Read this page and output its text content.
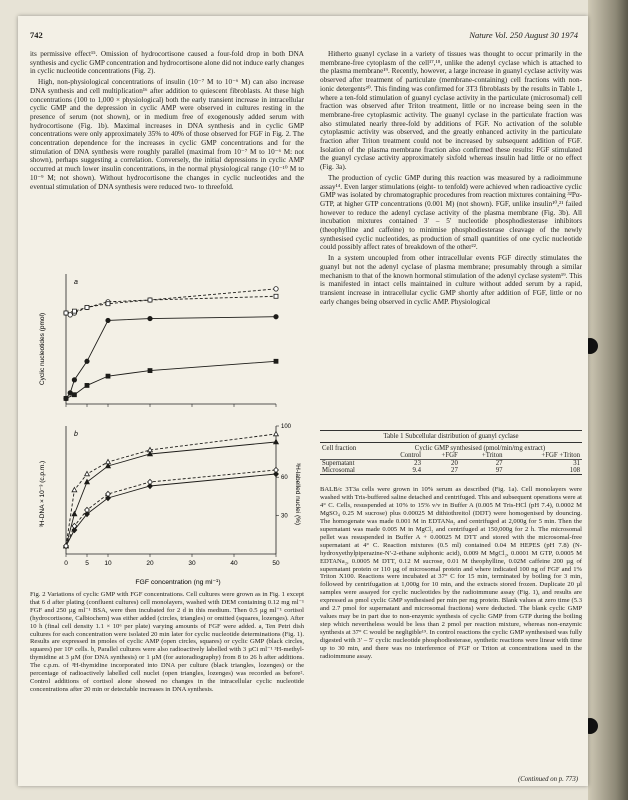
742	Nature Vol. 250 August 30 1974

its permissive effect¹⁵. Omission of hydrocortisone caused a four-fold drop in both DNA synthesis and cyclic GMP concentration and hydrocortisone alone did not induce early changes in cyclic nucleotide concentrations (Fig. 2).

High, non-physiological concentrations of insulin (10⁻⁷ M to 10⁻⁶ M) can also increase DNA synthesis and cell multiplication¹⁶ after addition to quiescent fibroblasts. At these high concentrations (100 to 1,000 × physiological) both the early transient increase in intracellular cyclic GMP and the depression in cyclic AMP were observed in cultures resting in the presence of serum (not shown), or in medium free of exogenously added serum with hydrocortisone (Fig. 1b). Maximal increases in DNA synthesis and in cyclic GMP concentrations were only approximately 35% to 40% of those observed for FGF in Fig. 2. The concentration dependence for the increases in cyclic GMP concentrations and for the stimulation of DNA synthesis were roughly parallel (maximal from 10⁻⁷ M to 10⁻⁶ M: not shown), perhaps suggesting a correlation. Conversely, the initial depressions in cyclic AMP occurred at much lower insulin concentrations, in the normal physiological range (10⁻¹⁰ M to 10⁻⁹ M; not shown). Without hydrocortisone the changes in cyclic nucleotides and the eventual stimulation of DNA synthesis were reduced two- to threefold.

0	5 10	20	30	40	50
30
60
100
a
b
Cyclic nucleotides (pmol)
³H-DNA × 10⁻³ (c.p.m.)	³H-labelled nuclei (%)
FGF concentration (ng ml⁻¹)

Fig. 2 Variations of cyclic GMP with FGF concentrations. Cell cultures were grown as in Fig. 1 except that 6 d after plating (confluent cultures) cell monolayers, washed with DEM containing 0.12 mg ml⁻¹ FGF and 250 µg ml⁻¹ BSA, were then incubated for 2 d in this medium. Then 0.5 µg ml⁻¹ cortisol (hydrocortisone, Calbiochem) was either added (circles, triangles) or omitted (squares, lozenges). After 10 h (final cell density 1.1 × 10⁶ per plate) varying amounts of FGF were added. a, Ten Petri dish cultures for each concentration were isolated 20 min later for cyclic nucleotide determinations (Fig. 1). Results are expressed in pmoles of cyclic AMP (open circles, squares) or cyclic GMP (black circles, squares) per 10⁶ cells. b, Parallel cultures were also radioactively labelled with 3 µCi ml⁻¹ ³H-methyl-thymidine at 3 µM (for DNA synthesis) or 1 µM (for autoradiography) from 8 to 26 h after additions. The c.p.m. of ³H-thymidine incorporated into DNA per culture (black triangles, lozenges) or the percentage of radioactively labelled cell nuclei (open triangles, lozenges) was recorded as before². Control additions of cortisol alone showed no changes in the intracellular cyclic nucleotide concentrations after 20 min or detectable increases in DNA synthesis.

Hitherto guanyl cyclase in a variety of tissues was thought to occur primarily in the membrane-free cytoplasm of the cell¹⁷,¹⁸, unlike the adenyl cyclase which is attached to the plasma membrane¹⁹. Recently, however, a large increase in guanyl cyclase activity was observed after treatment of particulate (membrane-containing) cell fractions with non-ionic detergents²⁰. This finding was confirmed for 3T3 fibroblasts by the results in Table 1, where a ten-fold stimulation of guanyl cyclase activity in the particulate (microsomal) cell fraction was observed after Triton treatment, little or no increase being seen in the membrane-free cytoplasmic activity. The guanyl cyclase in the particulate fraction was also stimulated nearly three-fold by additions of FGF. No activation of the soluble cytoplasmic activity was observed, and the greatly enhanced activity in the particulate fraction after Triton treatment could not be increased by subsequent addition of FGF. Isolation of the plasma membrane fraction also confirmed these results: FGF stimulated the guanyl cyclase activity approximately sixfold whereas insulin had little or no effect (Fig. 3a).

The production of cyclic GMP during this reaction was measured by a radioimmune assay¹⁴. Even larger stimulations (eight- to tenfold) were achieved when radioactive cyclic GMP was isolated by chromatographic procedures from reaction mixtures containing ³²Pα- GTP, at higher GTP concentrations (0.001 M) (not shown). FGF, unlike insulin¹⁰,²¹ failed however to reduce the adenyl cyclase activity of the plasma membrane (Fig. 3b). All incubation mixtures contained 3′ – 5′ nucleotide phosphodiesterase inhibitors (theophylline and caffeine) to minimise phosphodiesterase cleavage of the newly synthesised cyclic nucleotides, as production of small quantities of one cyclic nucleotide could possibly affect rates of breakdown of the other²².

In a system uncoupled from other intracellular events FGF directly stimulates the guanyl but not the adenyl cyclase of plasma membrane; presumably through a similar mechanism to that of the known hormonal stimulation of the adenyl cyclase system¹⁹. This is manifested in intact cells maintained in culture without added serum by a rapid, transient increase in intracellular cyclic GMP shortly after addition of FGF, little or no early changes being observed in cyclic AMP. Physiological

Table 1 Subcellular distribution of guanyl cyclase
Cell fraction	Cyclic GMP synthesised (pmol/min/mg extract)			
	Control	+FGF	+Triton	+FGF +Triton
Supernatant	23	20	27	31
Microsomal	9.4	27	97	108

BALB/c 3T3a cells were grown in 10% serum as described (Fig. 1a). Cell monolayers were washed with Tris-buffered saline detached and centrifuged. This and subsequent operations were at 4° C. Cells, resuspended at 10% to 15% v/v in Buffer A (0.005 M Tris-HCl (pH 7.4), 0.0002 M MgSO₄ 0.25 M sucrose) plus 0.00025 M dithiothreitol (DDT) were homogenised by douncing. The homogenate was made 0.001 M in EDTANa₂ and centrifuged at 2,000g for 5 min. Then the supernatant was made 0.005 M in MgCl₂ and centrifuged at 150,000g for 2 h. The microsomal pellet was resuspended in Buffer A + 0.00025 M DTT and stored with the microsomal-free supernatant at 4° C. Reaction mixtures (0.5 ml) contained 0.04 M HEPES (pH 7.8) (N-hydroxyethylpiperazine-N′-2-ethane sulphonic acid), 0.009 M MgCl₂, 0.0001 M GTP, 0.0005 M EDTANa₂, 0.0005 M DTT, 0.12 M sucrose, 0.01 M theophylline, 0.02M caffeine 200 µg of supernatant protein or 110 µg of microsomal protein and where indicated 100 ng of FGF and 1% Triton X100. Reactions were incubated at 37° C for 15 min, terminated by boiling for 3 min, followed by centrifugation at 1,000g for 10 min, and the extracts stored frozen. Duplicate 20 µl samples were assayed for cyclic nucleotides by the radioimmune assay (Fig. 1), and results are expressed as pmol cyclic GMP synthesised per min per mg protein. Blank values at zero time (5.3 and 2.7 pmol for supernatant and microsomal fractions) were deducted. The blank cyclic GMP values may be in part due to non-enzymic synthesis of cyclic GMP from GTP during the boiling step which nevertheless would be less than 2 pmol per reaction mixture, whereas non-enzymic synthesis at 37° C would be negligible¹⁹. In control reactions the cyclic GMP synthesised was fully digested with 3′ – 5′ cyclic nucleotide phosphodiesterase, synthetic reactions were linear with time up to 30 min, and there was no interference of FGF or Triton at concentrations used in the radioimmune assay.

(Continued on p. 773)
